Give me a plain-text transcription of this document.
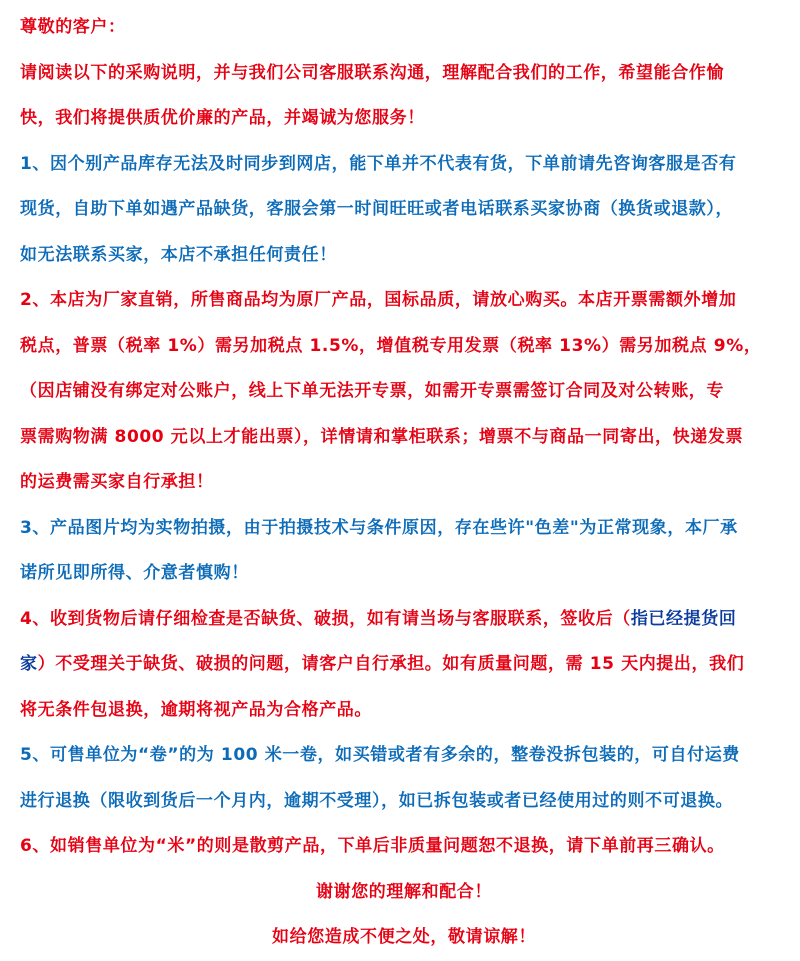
尊敬的客户：
请阅读以下的采购说明，并与我们公司客服联系沟通，理解配合我们的工作，希望能合作愉
快，我们将提供质优价廉的产品，并竭诚为您服务！
1、因个别产品库存无法及时同步到网店，能下单并不代表有货，下单前请先咨询客服是否有
现货，自助下单如遇产品缺货，客服会第一时间旺旺或者电话联系买家协商（换货或退款），
如无法联系买家，本店不承担任何责任！
2、本店为厂家直销，所售商品均为原厂产品，国标品质，请放心购买。本店开票需额外增加
税点，普票（税率 1%）需另加税点 1.5%，增值税专用发票（税率 13%）需另加税点 9%，
（因店铺没有绑定对公账户，线上下单无法开专票，如需开专票需签订合同及对公转账，专
票需购物满 8000 元以上才能出票），详情请和掌柜联系；增票不与商品一同寄出，快递发票
的运费需买家自行承担！
3、产品图片均为实物拍摄，由于拍摄技术与条件原因，存在些许"色差"为正常现象，本厂承
诺所见即所得、介意者慎购！
4、收到货物后请仔细检查是否缺货、破损，如有请当场与客服联系，签收后（指已经提货回
家）不受理关于缺货、破损的问题，请客户自行承担。如有质量问题，需 15 天内提出，我们
将无条件包退换，逾期将视产品为合格产品。
5、可售单位为“卷”的为 100 米一卷，如买错或者有多余的，整卷没拆包装的，可自付运费
进行退换（限收到货后一个月内，逾期不受理），如已拆包装或者已经使用过的则不可退换。
6、如销售单位为“米”的则是散剪产品，下单后非质量问题恕不退换，请下单前再三确认。
谢谢您的理解和配合！
如给您造成不便之处，敬请谅解！
